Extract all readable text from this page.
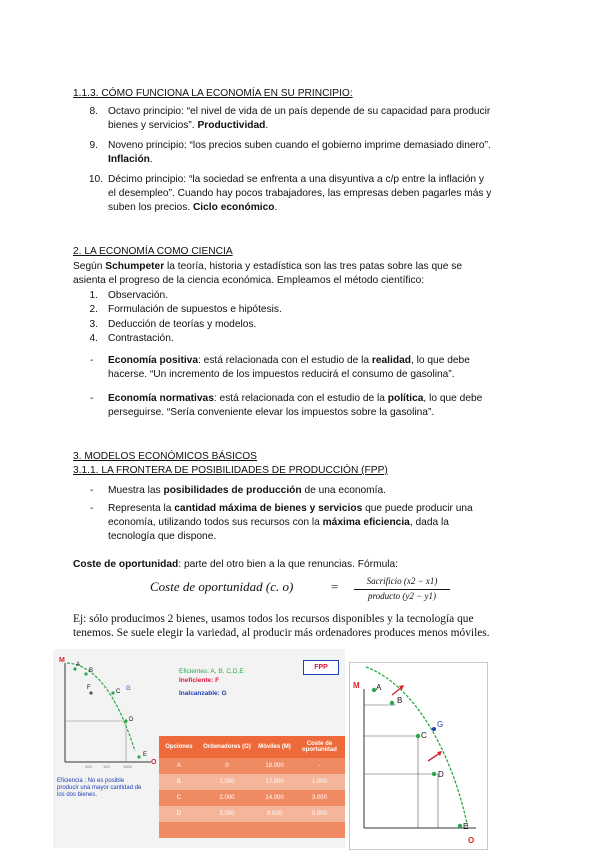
1.1.3. CÓMO FUNCIONA LA ECONOMÍA EN SU PRINCIPIO:
8. Octavo principio: “el nivel de vida de un país depende de su capacidad para producir
bienes y servicios”. Productividad.
9. Noveno principio: “los precios suben cuando el gobierno imprime demasiado dinero”.
Inflación.
10. Décimo principio: “la sociedad se enfrenta a una disyuntiva a c/p entre la inflación y
el desempleo”. Cuando hay pocos trabajadores, las empresas deben pagarles más y
suben los precios. Ciclo económico.
2. LA ECONOMÍA COMO CIENCIA
Según Schumpeter la teoría, historia y estadística son las tres patas sobre las que se
asienta el progreso de la ciencia económica. Empleamos el método científico:
1. Observación.
2. Formulación de supuestos e hipótesis.
3. Deducción de teorías y modelos.
4. Contrastación.
- Economía positiva: está relacionada con el estudio de la realidad, lo que debe
hacerse. “Un incremento de los impuestos reducirá el consumo de gasolina”.
- Economía normativas: está relacionada con el estudio de la política, lo que debe
perseguirse. “Sería conveniente elevar los impuestos sobre la gasolina”.
3. MODELOS ECONÓMICOS BÁSICOS
3.1.1. LA FRONTERA DE POSIBILIDADES DE PRODUCCIÓN (FPP)
- Muestra las posibilidades de producción de una economía.
- Representa la cantidad máxima de bienes y servicios que puede producir una
economía, utilizando todos sus recursos con la máxima eficiencia, dada la
tecnología que dispone.
Coste de oportunidad: parte del otro bien a la que renuncias. Fórmula:
Coste de oportunidad (c. o)	=	Sacrificio (x2 − x1)
producto (y2 − y1)
Ej: sólo producimos 2 bienes, usamos todos los recursos disponibles y la tecnología que
tenemos. Se suele elegir la variedad, al producir más ordenadores produces menos móviles.
M
O
A
B
F
C G
D
E
200	100	1000
Eficientes: A, B, C,D,E
Ineficiente: F
Inalcanzable: G
FPP
Eficiencia : No es posible producir una mayor cantidad de los dos bienes.
Opciones	Ordenadores (O)	Móviles (M)	Coste de oportunidad
A	0	18.000	-
B	1.000	17.000	1.000
C	2.000	14.000	3.000
D	3.000	9.000	5.000

M
O
A
B
G
C
D
E
